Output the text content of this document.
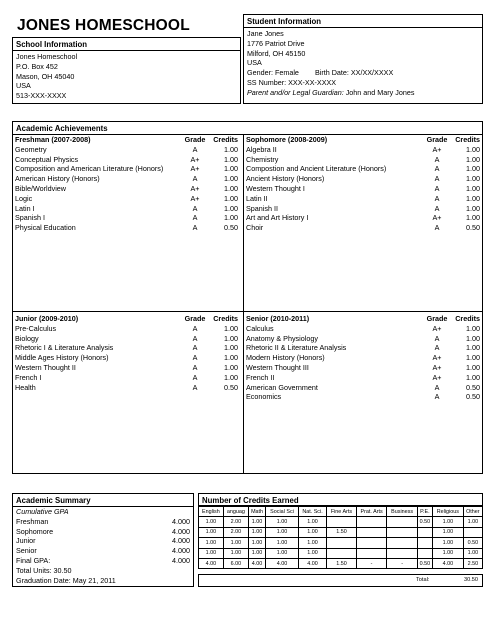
JONES HOMESCHOOL
School Information
Jones Homeschool
P.O. Box 452
Mason, OH 45040
USA
513-XXX-XXXX
Student Information
Jane Jones
1776 Patriot Drive
Milford, OH 45150
USA
Gender: Female Birth Date: XX/XX/XXXX
SS Number: XXX-XX-XXXX
Parent and/or Legal Guardian: John and Mary Jones
Academic Achievements
Freshman (2007-2008)	Grade	Credits
Geometry	A	1.00
Conceptual Physics	A+	1.00
Composition and American Literature (Honors)	A+	1.00
American History (Honors)	A	1.00
Bible/Worldview	A+	1.00
Logic	A+	1.00
Latin I	A	1.00
Spanish I	A	1.00
Physical Education	A	0.50
Sophomore (2008-2009)	Grade	Credits
Algebra II	A+	1.00
Chemistry	A	1.00
Compostion and Ancient Literature (Honors)	A	1.00
Ancient History (Honors)	A	1.00
Western Thought I	A	1.00
Latin II	A	1.00
Spanish II	A	1.00
Art and Art History I	A+	1.00
Choir	A	0.50
Junior (2009-2010)	Grade	Credits
Pre-Calculus	A	1.00
Biology	A	1.00
Rhetoric I & Literature Analysis	A	1.00
Middle Ages History (Honors)	A	1.00
Western Thought II	A	1.00
French I	A	1.00
Health	A	0.50
Senior (2010-2011)	Grade	Credits
Calculus	A+	1.00
Anatomy & Physiology	A	1.00
Rhetoric II & Literature Analysis	A	1.00
Modern History (Honors)	A+	1.00
Western Thought III	A+	1.00
French II	A+	1.00
American Government	A	0.50
Economics	A	0.50
Academic Summary
Cumulative GPA
Freshman	4.000
Sophomore	4.000
Junior	4.000
Senior	4.000
Final GPA:	4.000
Total Units: 30.50
Graduation Date: May 21, 2011
Number of Credits Earned
English	anguag	Math	Social Sci	Nat. Sci.	Fine Arts	Prat. Arts	Business	P.E.	Religious	Other
1.00	2.00	1.00	1.00	1.00				0.50	1.00	1.00
1.00	2.00	1.00	1.00	1.00	1.50				1.00	
1.00	1.00	1.00	1.00	1.00					1.00	0.50
1.00	1.00	1.00	1.00	1.00					1.00	1.00
4.00	6.00	4.00	4.00	4.00	1.50	-	-	0.50	4.00	2.50
Total:	30.50
